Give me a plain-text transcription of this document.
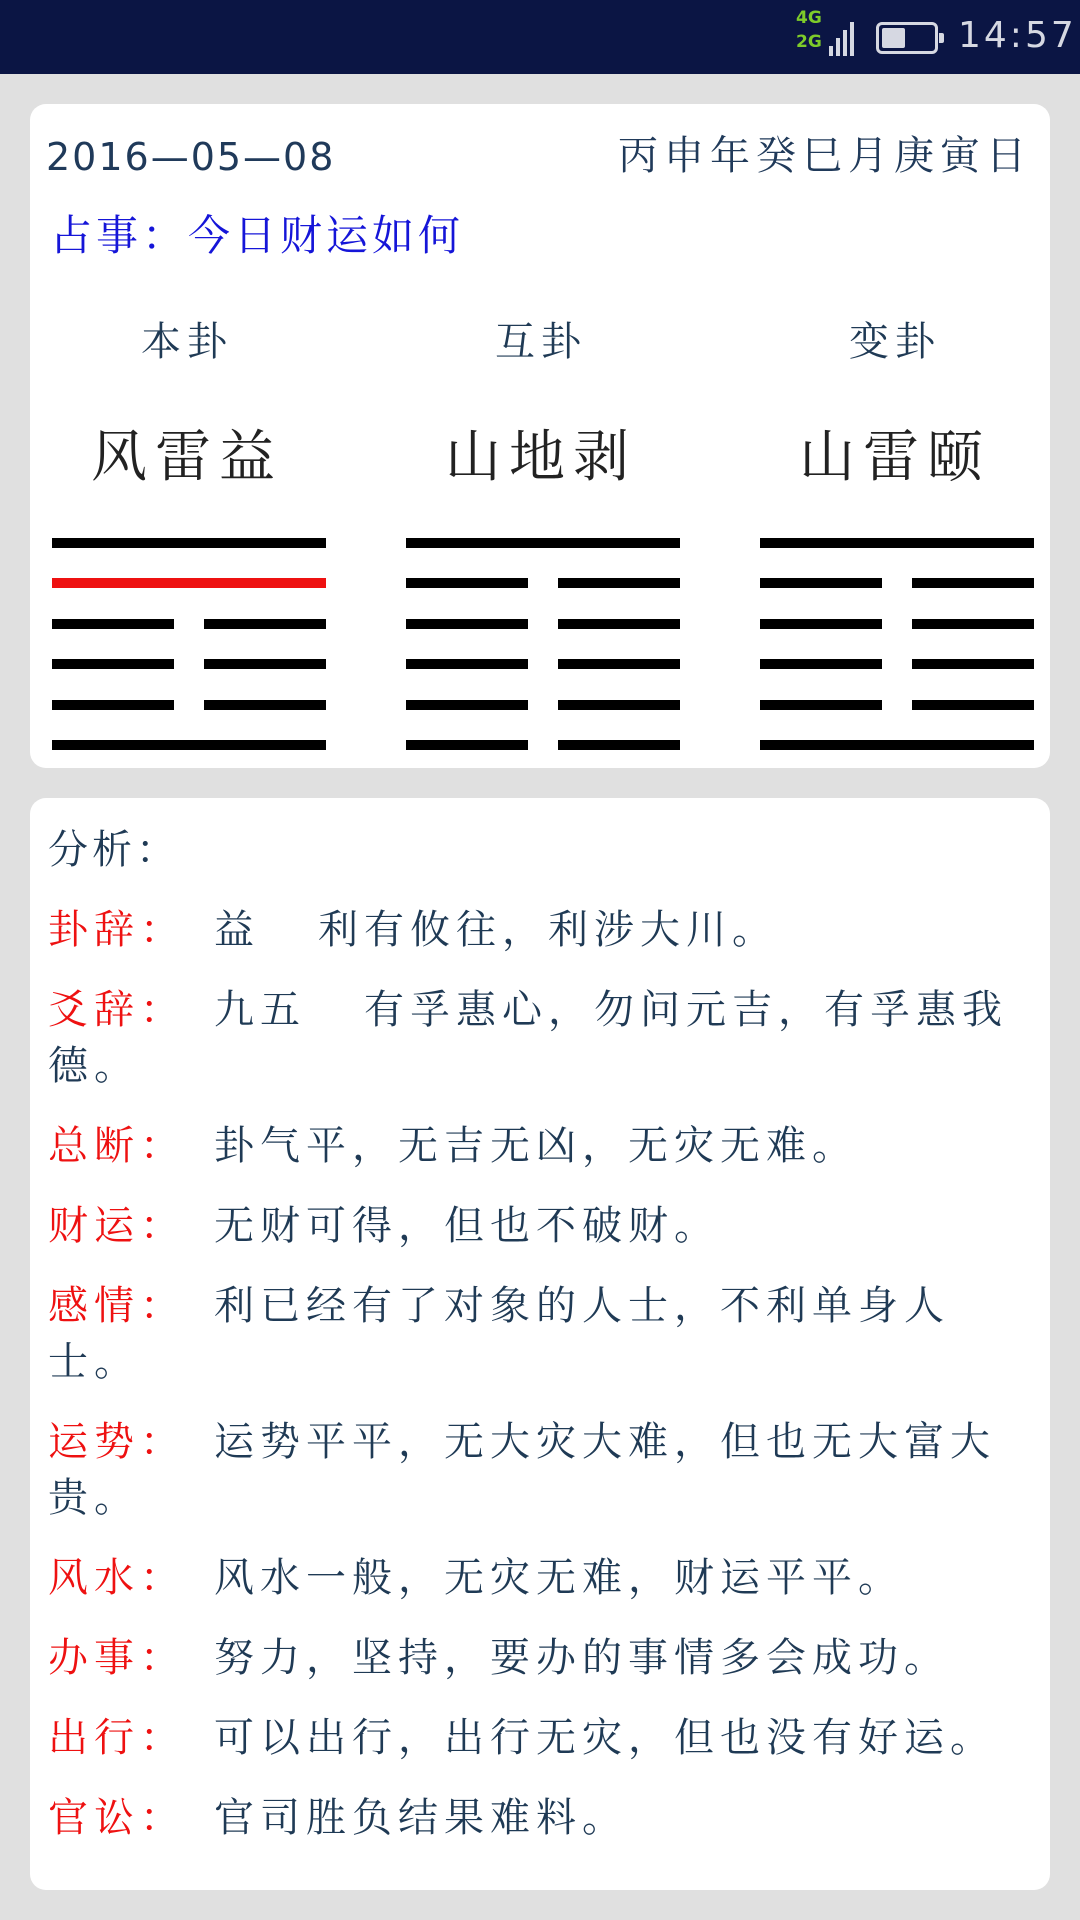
4G
2G	14:57
2016—05—08	丙申年癸巳月庚寅日
占事：今日财运如何
本卦	互卦	变卦
风雷益	山地剥	山雷颐
分析：
卦辞： 益 利有攸往，利涉大川。
爻辞： 九五 有孚惠心，勿问元吉，有孚惠我
德。
总断： 卦气平，无吉无凶，无灾无难。
财运： 无财可得，但也不破财。
感情： 利已经有了对象的人士，不利单身人
士。
运势： 运势平平，无大灾大难，但也无大富大
贵。
风水： 风水一般，无灾无难，财运平平。
办事： 努力，坚持，要办的事情多会成功。
出行： 可以出行，出行无灾，但也没有好运。
官讼： 官司胜负结果难料。
